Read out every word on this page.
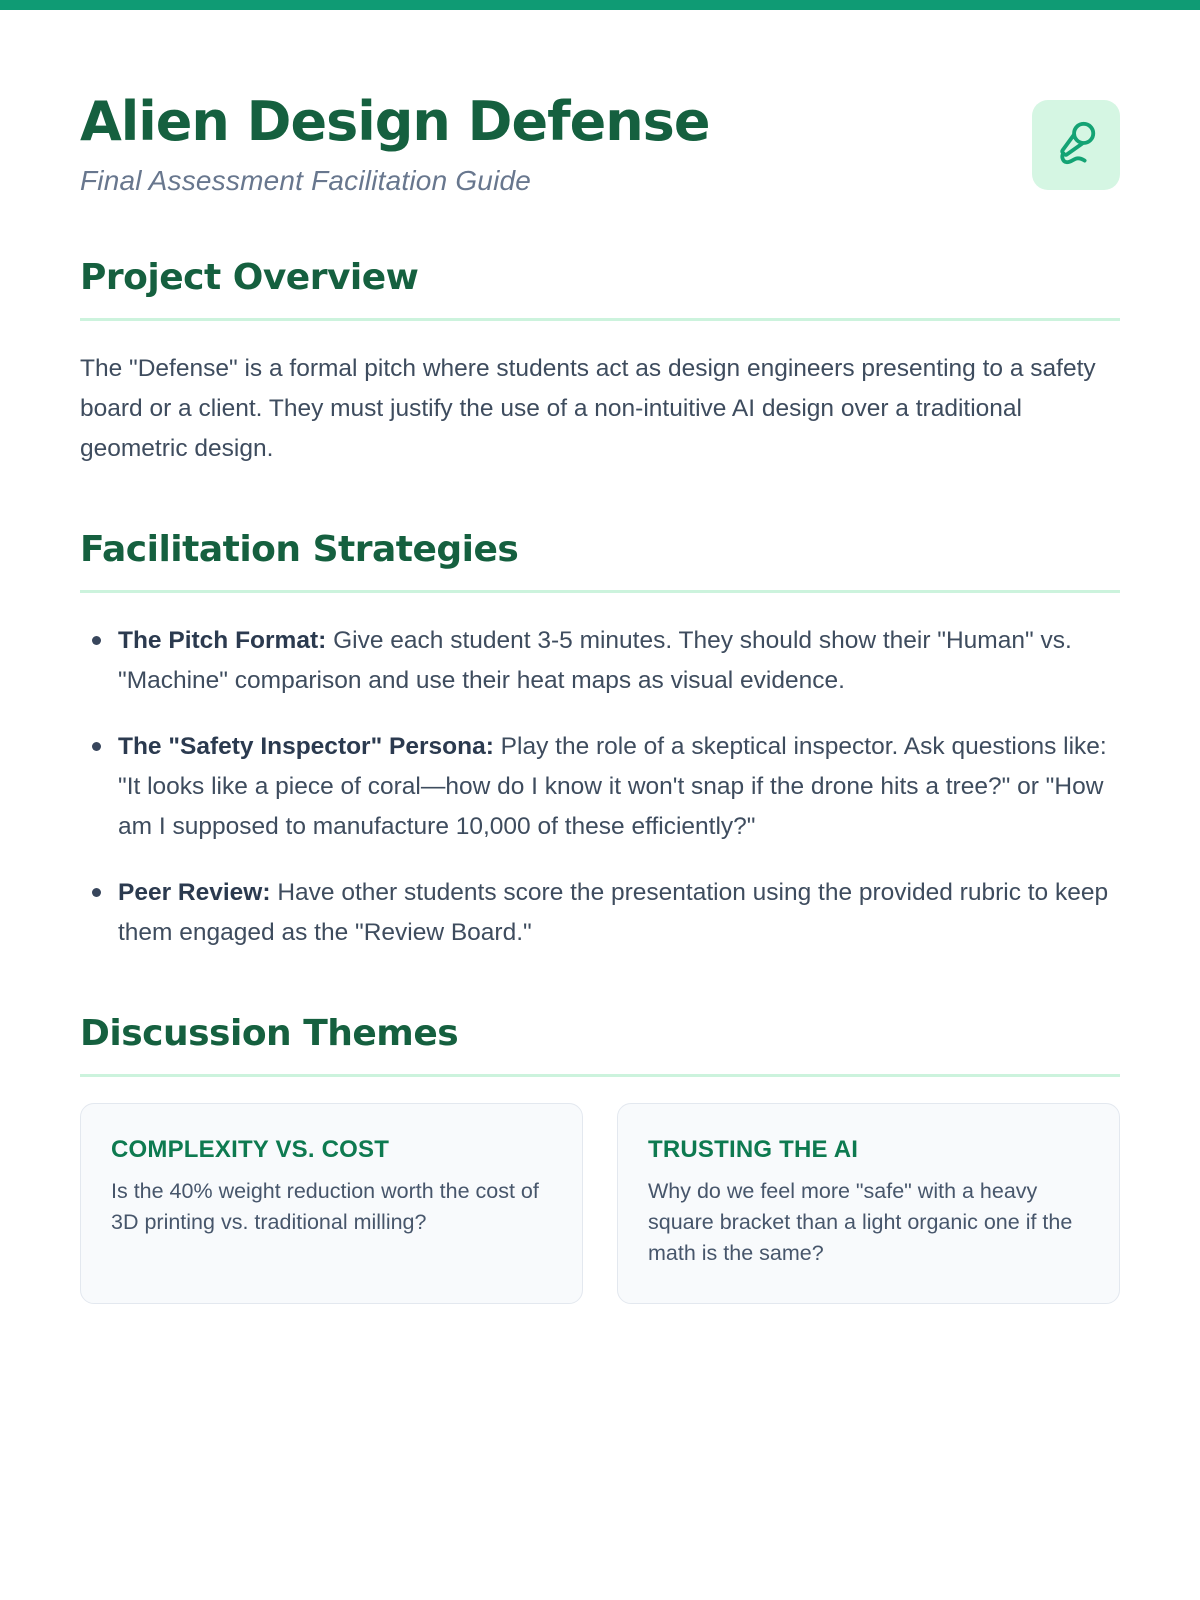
Alien Design Defense
Final Assessment Facilitation Guide
Project Overview

The "Defense" is a formal pitch where students act as design engineers presenting to a safety board or a client. They must justify the use of a non-intuitive AI design over a traditional geometric design.

Facilitation Strategies
The Pitch Format: Give each student 3-5 minutes. They should show their "Human" vs. "Machine" comparison and use their heat maps as visual evidence.
The "Safety Inspector" Persona: Play the role of a skeptical inspector. Ask questions like: "It looks like a piece of coral—how do I know it won't snap if the drone hits a tree?" or "How am I supposed to manufacture 10,000 of these efficiently?"
Peer Review: Have other students score the presentation using the provided rubric to keep them engaged as the "Review Board."
Discussion Themes
COMPLEXITY VS. COST
Is the 40% weight reduction worth the cost of 3D printing vs. traditional milling?
TRUSTING THE AI
Why do we feel more "safe" with a heavy square bracket than a light organic one if the math is the same?
